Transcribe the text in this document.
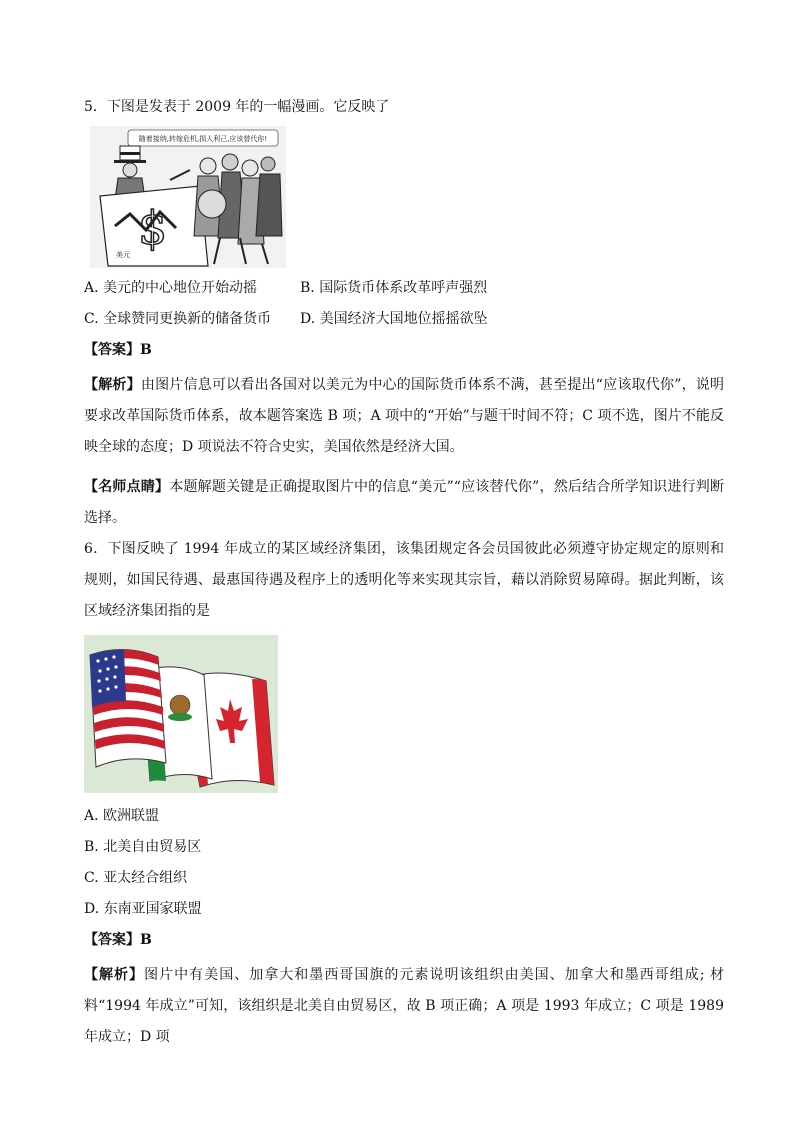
5．下图是发表于 2009 年的一幅漫画。它反映了
$
随着接纳,转嫁危机,损人利己,应该替代你!
美元
A. 美元的中心地位开始动摇	B. 国际货币体系改革呼声强烈
C. 全球赞同更换新的储备货币	D. 美国经济大国地位摇摇欲坠
【答案】B
【解析】由图片信息可以看出各国对以美元为中心的国际货币体系不满，甚至提出“应该取代你”，说明要求改革国际货币体系，故本题答案选 B 项；A 项中的“开始”与题干时间不符；C 项不选，图片不能反映全球的态度；D 项说法不符合史实，美国依然是经济大国。
【名师点睛】本题解题关键是正确提取图片中的信息“美元”“应该替代你”，然后结合所学知识进行判断选择。
6．下图反映了 1994 年成立的某区域经济集团，该集团规定各会员国彼此必须遵守协定规定的原则和规则，如国民待遇、最惠国待遇及程序上的透明化等来实现其宗旨，藉以消除贸易障碍。据此判断，该区域经济集团指的是
A. 欧洲联盟
B. 北美自由贸易区
C. 亚太经合组织
D. 东南亚国家联盟
【答案】B
【解析】图片中有美国、加拿大和墨西哥国旗的元素说明该组织由美国、加拿大和墨西哥组成; 材料“1994 年成立”可知，该组织是北美自由贸易区，故 B 项正确；A 项是 1993 年成立；C 项是 1989 年成立；D 项
